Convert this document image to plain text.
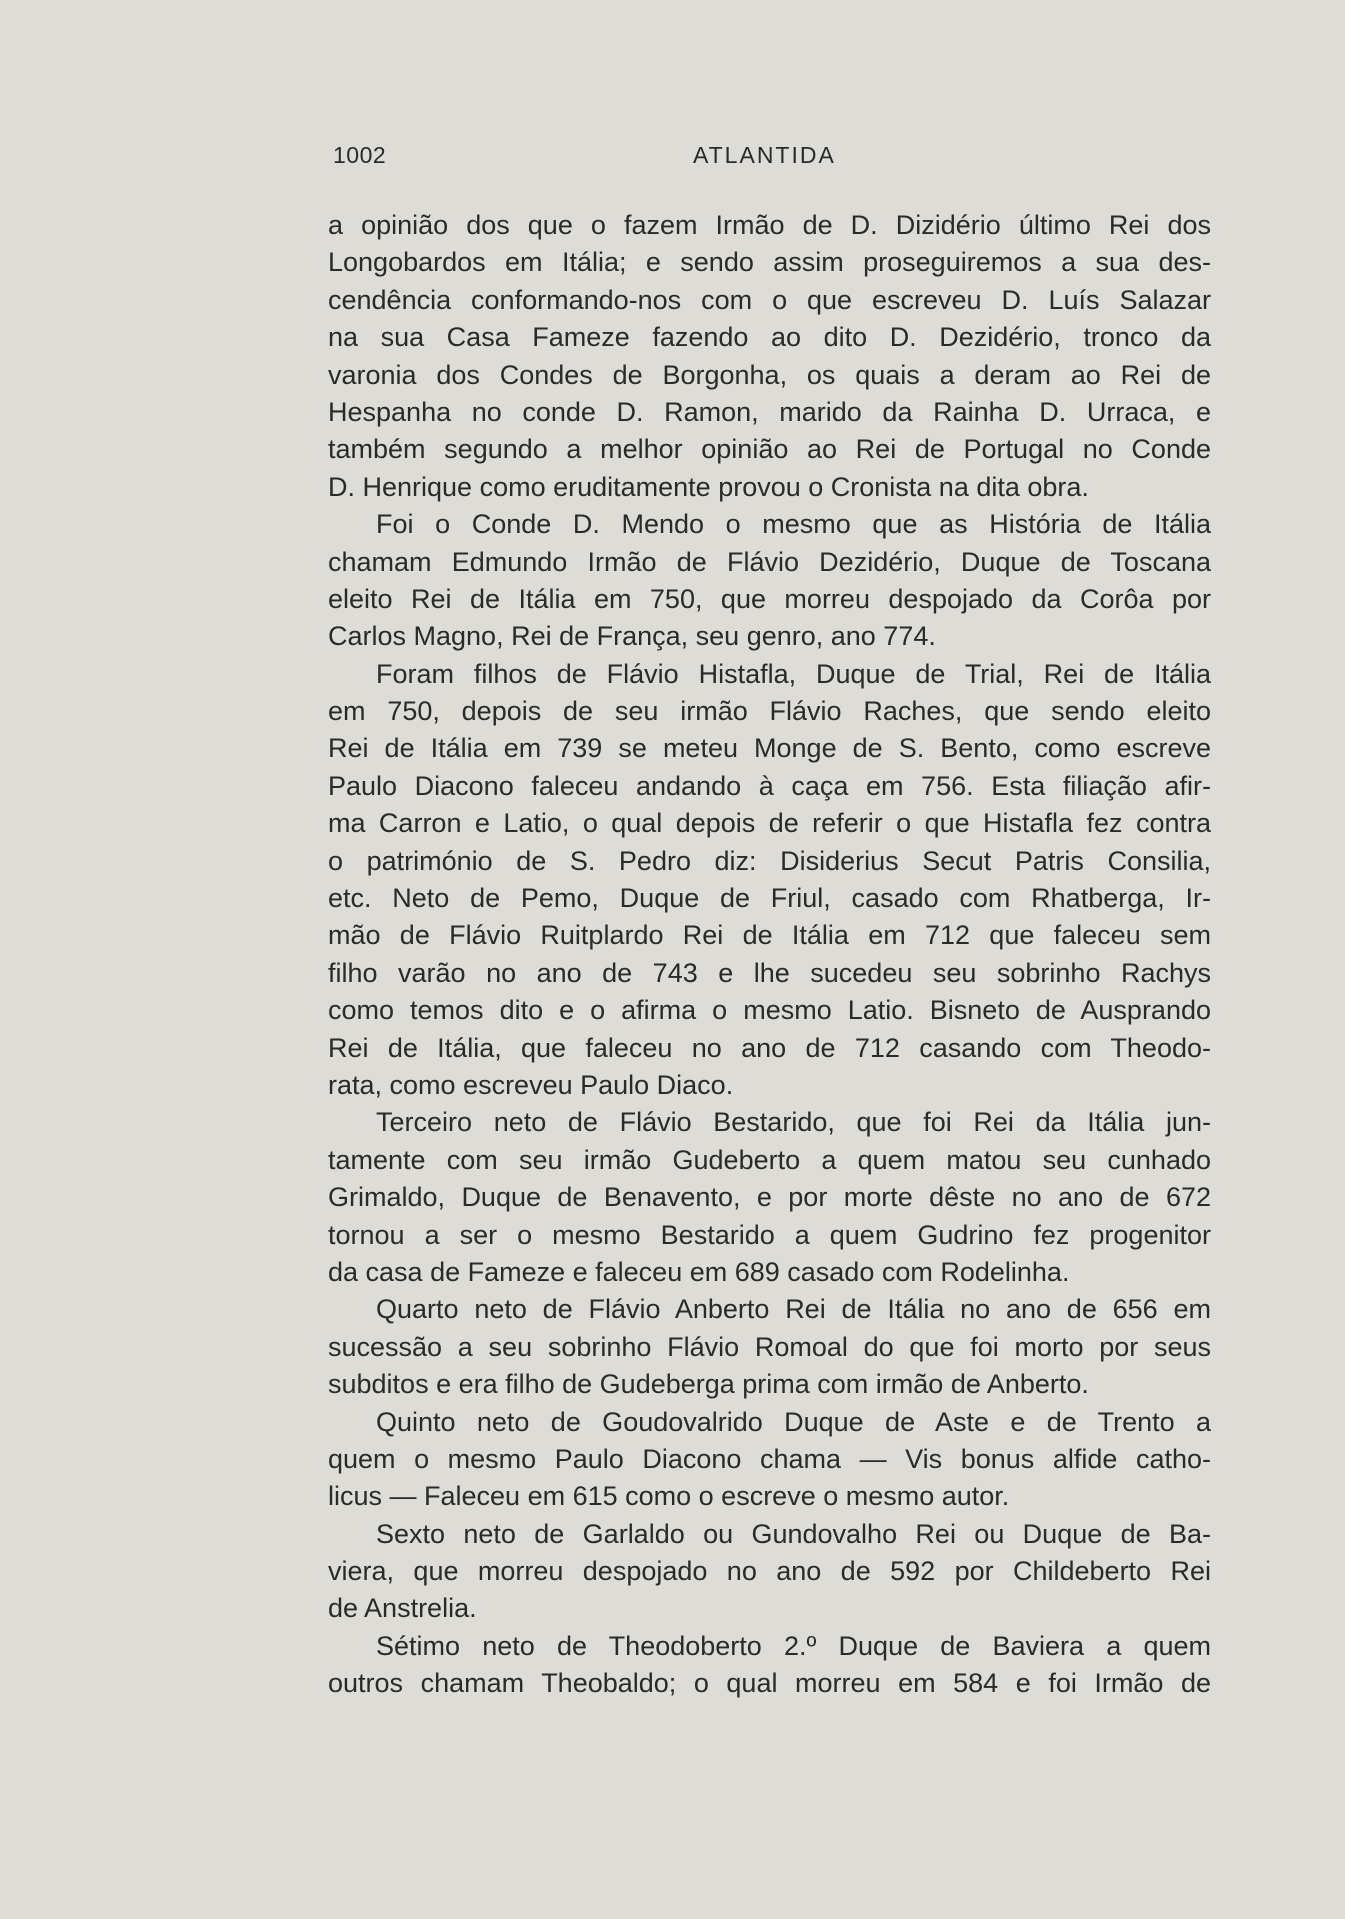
1002	ATLANTIDA
a opinião dos que o fazem Irmão de D. Dizidério último Rei dos
Longobardos em Itália; e sendo assim proseguiremos a sua des-
cendência conformando-nos com o que escreveu D. Luís Salazar
na sua Casa Fameze fazendo ao dito D. Dezidério, tronco da
varonia dos Condes de Borgonha, os quais a deram ao Rei de
Hespanha no conde D. Ramon, marido da Rainha D. Urraca, e
também segundo a melhor opinião ao Rei de Portugal no Conde
D. Henrique como eruditamente provou o Cronista na dita obra.
Foi o Conde D. Mendo o mesmo que as História de Itália
chamam Edmundo Irmão de Flávio Dezidério, Duque de Toscana
eleito Rei de Itália em 750, que morreu despojado da Corôa por
Carlos Magno, Rei de França, seu genro, ano 774.
Foram filhos de Flávio Histafla, Duque de Trial, Rei de Itália
em 750, depois de seu irmão Flávio Raches, que sendo eleito
Rei de Itália em 739 se meteu Monge de S. Bento, como escreve
Paulo Diacono faleceu andando à caça em 756. Esta filiação afir-
ma Carron e Latio, o qual depois de referir o que Histafla fez contra
o património de S. Pedro diz: Disiderius Secut Patris Consilia,
etc. Neto de Pemo, Duque de Friul, casado com Rhatberga, Ir-
mão de Flávio Ruitplardo Rei de Itália em 712 que faleceu sem
filho varão no ano de 743 e lhe sucedeu seu sobrinho Rachys
como temos dito e o afirma o mesmo Latio. Bisneto de Ausprando
Rei de Itália, que faleceu no ano de 712 casando com Theodo-
rata, como escreveu Paulo Diaco.
Terceiro neto de Flávio Bestarido, que foi Rei da Itália jun-
tamente com seu irmão Gudeberto a quem matou seu cunhado
Grimaldo, Duque de Benavento, e por morte dêste no ano de 672
tornou a ser o mesmo Bestarido a quem Gudrino fez progenitor
da casa de Fameze e faleceu em 689 casado com Rodelinha.
Quarto neto de Flávio Anberto Rei de Itália no ano de 656 em
sucessão a seu sobrinho Flávio Romoal do que foi morto por seus
subditos e era filho de Gudeberga prima com irmão de Anberto.
Quinto neto de Goudovalrido Duque de Aste e de Trento a
quem o mesmo Paulo Diacono chama — Vis bonus alfide catho-
licus — Faleceu em 615 como o escreve o mesmo autor.
Sexto neto de Garlaldo ou Gundovalho Rei ou Duque de Ba-
viera, que morreu despojado no ano de 592 por Childeberto Rei
de Anstrelia.
Sétimo neto de Theodoberto 2.º Duque de Baviera a quem
outros chamam Theobaldo; o qual morreu em 584 e foi Irmão de
